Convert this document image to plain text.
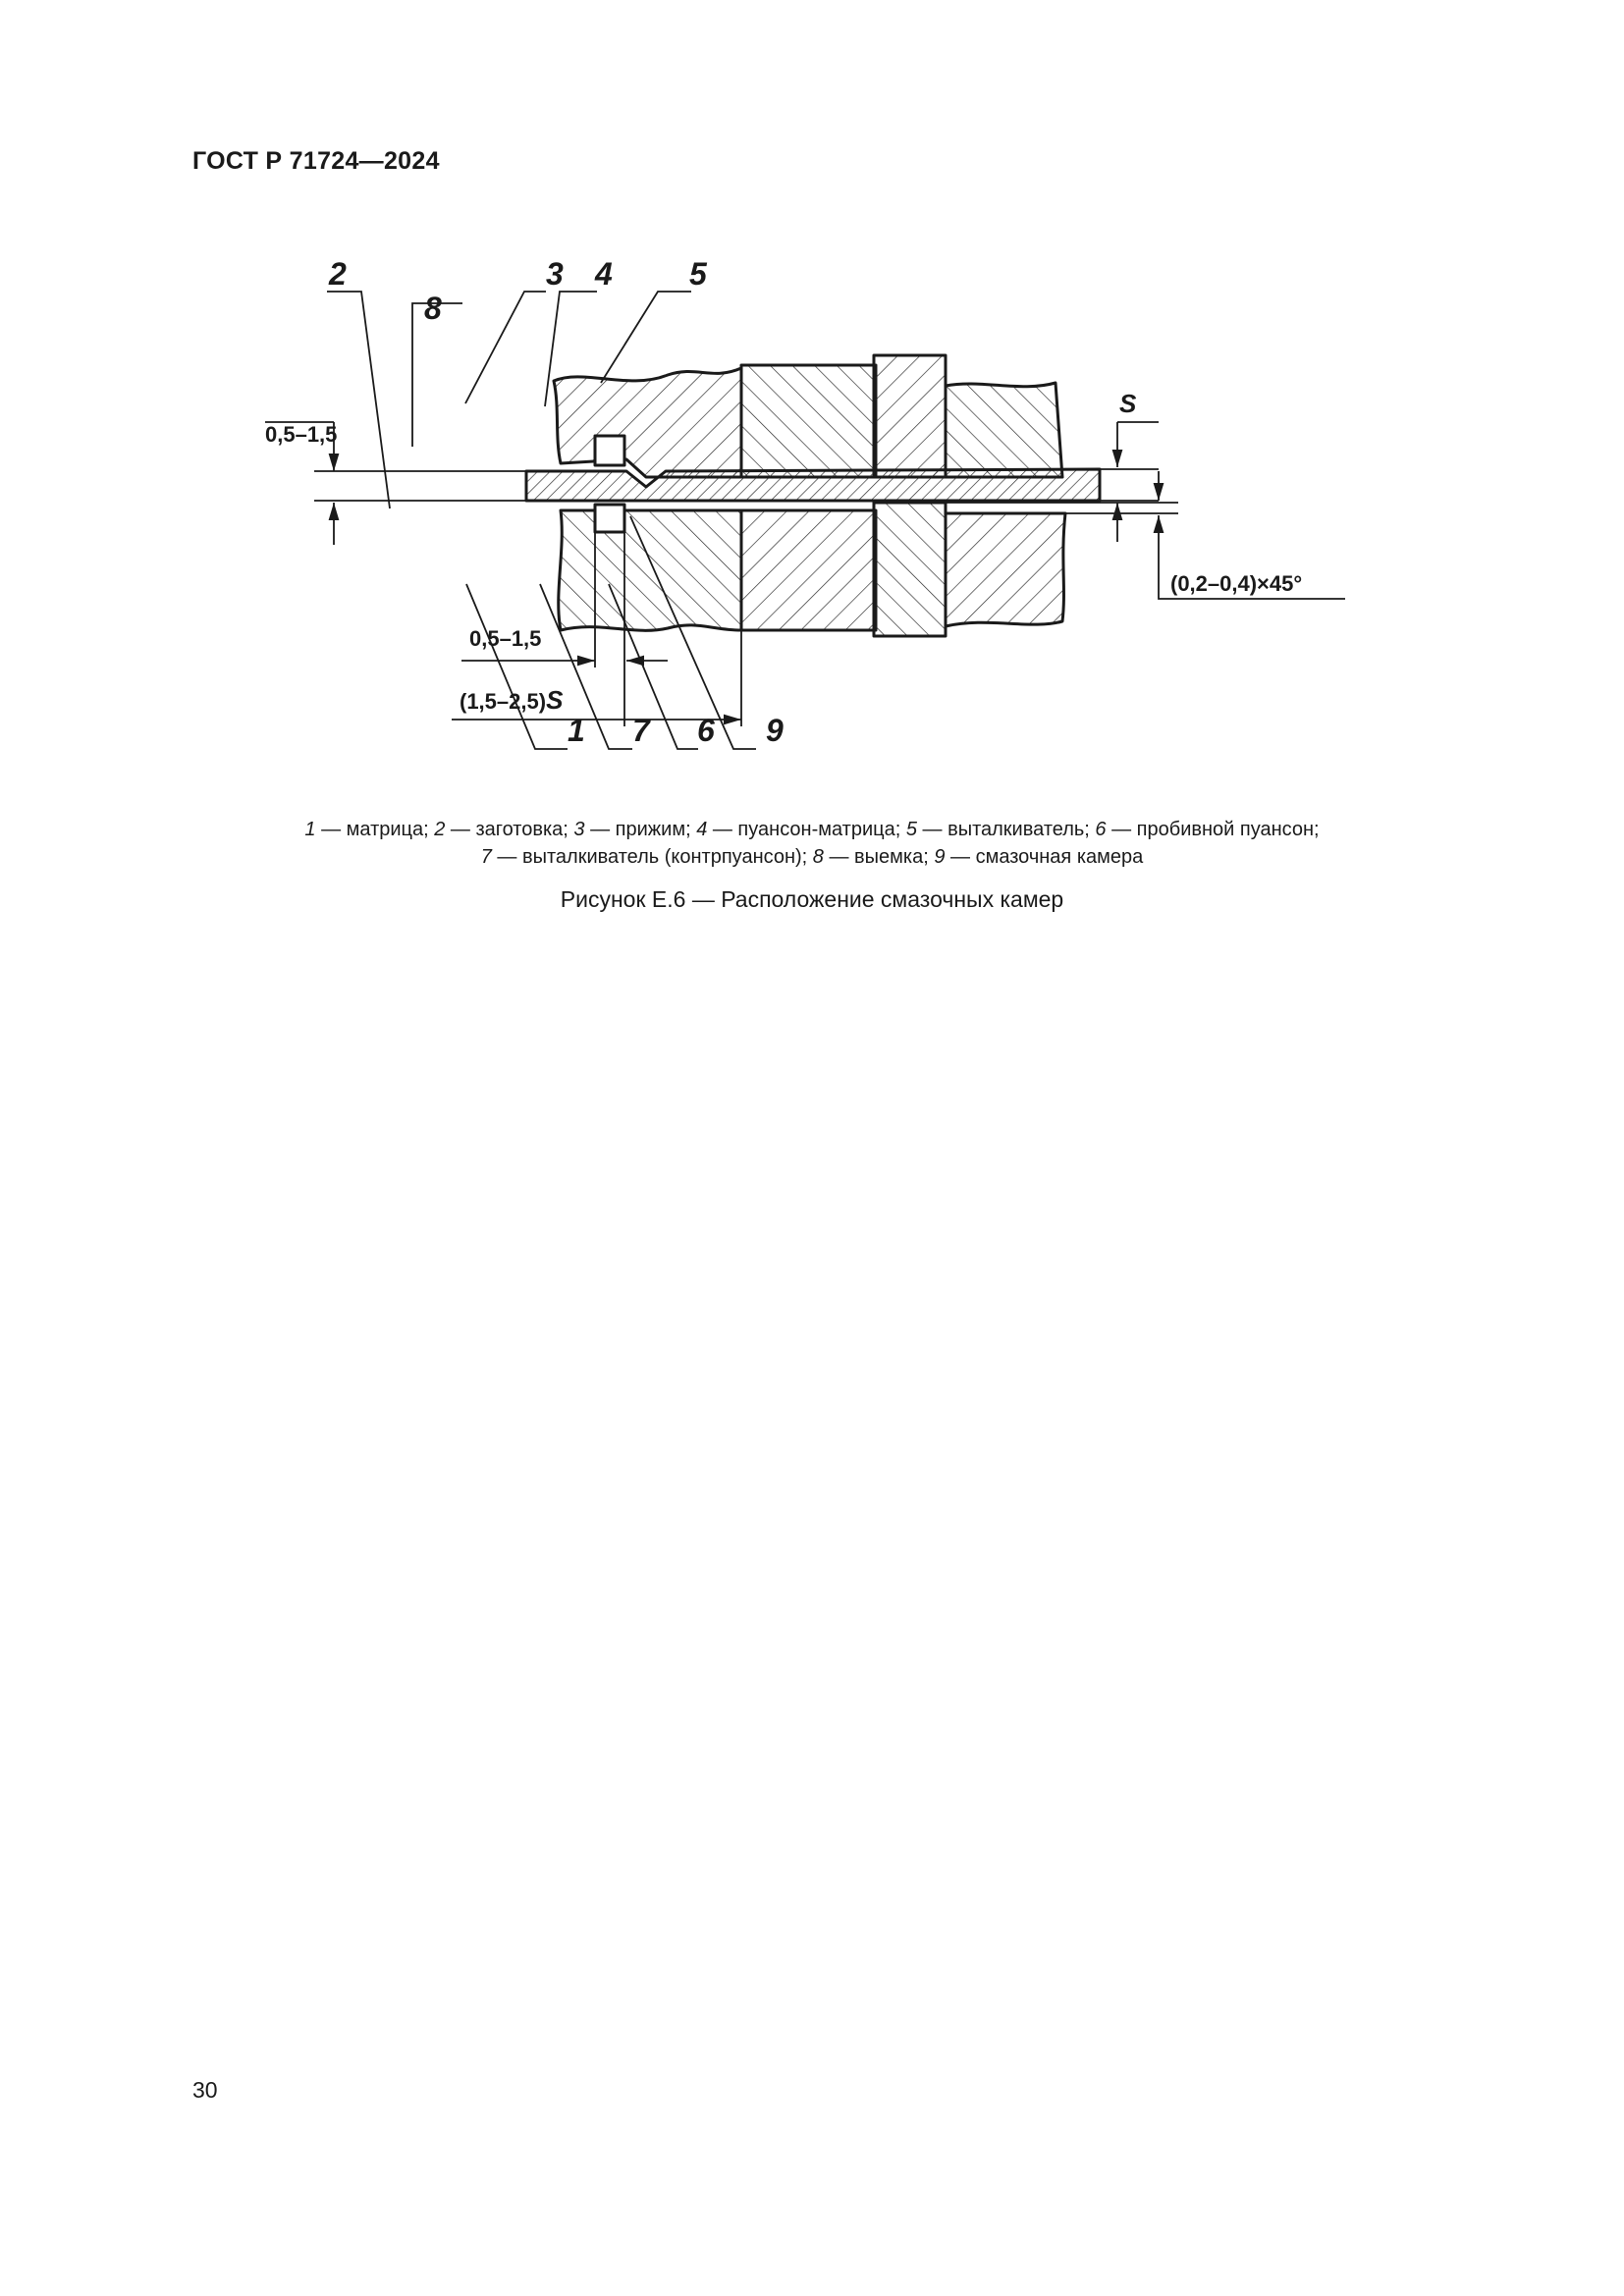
ГОСТ Р 71724—2024
2
8
3 4 5
1 7 6 9
0,5–1,5
0,5–1,5
(1,5–2,5)S
S
(0,2–0,4)×45°
1 — матрица; 2 — заготовка; 3 — прижим; 4 — пуансон-матрица; 5 — выталкиватель; 6 — пробивной пуансон;
7 — выталкиватель (контрпуансон); 8 — выемка; 9 — смазочная камера
Рисунок Е.6 — Расположение смазочных камер
30
